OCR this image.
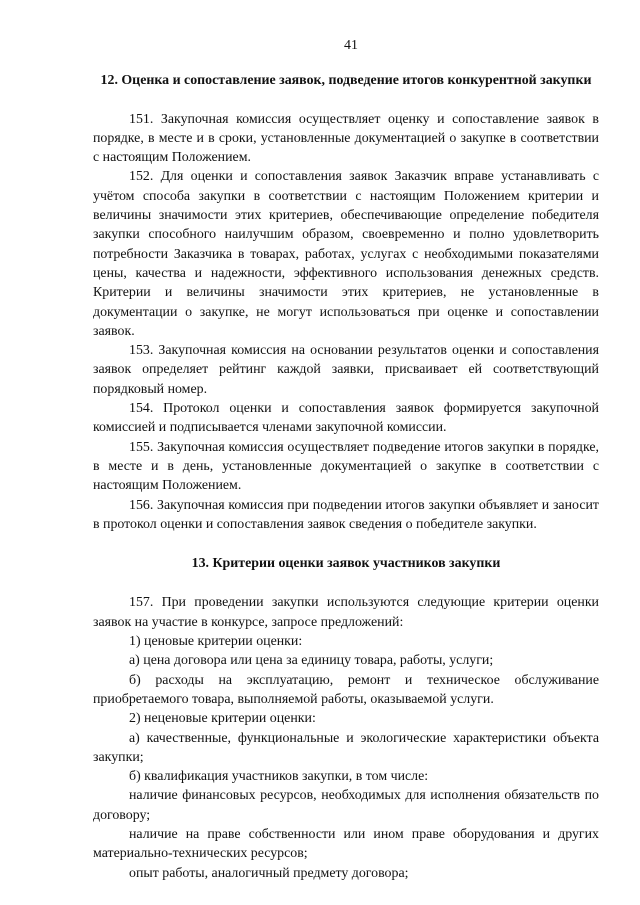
41
12. Оценка и сопоставление заявок, подведение итогов конкурентной закупки

151. Закупочная комиссия осуществляет оценку и сопоставление заявок в порядке, в месте и в сроки, установленные документацией о закупке в соответствии с настоящим Положением.

152. Для оценки и сопоставления заявок Заказчик вправе устанавливать с учётом способа закупки в соответствии с настоящим Положением критерии и величины значимости этих критериев, обеспечивающие определение победителя закупки способного наилучшим образом, своевременно и полно удовлетворить потребности Заказчика в товарах, работах, услугах с необходимыми показателями цены, качества и надежности, эффективного использования денежных средств. Критерии и величины значимости этих критериев, не установленные в документации о закупке, не могут использоваться при оценке и сопоставлении заявок.

153. Закупочная комиссия на основании результатов оценки и сопоставления заявок определяет рейтинг каждой заявки, присваивает ей соответствующий порядковый номер.

154. Протокол оценки и сопоставления заявок формируется закупочной комиссией и подписывается членами закупочной комиссии.

155. Закупочная комиссия осуществляет подведение итогов закупки в порядке, в месте и в день, установленные документацией о закупке в соответствии с настоящим Положением.

156. Закупочная комиссия при подведении итогов закупки объявляет и заносит в протокол оценки и сопоставления заявок сведения о победителе закупки.

13. Критерии оценки заявок участников закупки

157. При проведении закупки используются следующие критерии оценки заявок на участие в конкурсе, запросе предложений:

1) ценовые критерии оценки:

а) цена договора или цена за единицу товара, работы, услуги;

б) расходы на эксплуатацию, ремонт и техническое обслуживание приобретаемого товара, выполняемой работы, оказываемой услуги.

2) неценовые критерии оценки:

а) качественные, функциональные и экологические характеристики объекта закупки;

б) квалификация участников закупки, в том числе:

наличие финансовых ресурсов, необходимых для исполнения обязательств по договору;

наличие на праве собственности или ином праве оборудования и других материально-технических ресурсов;

опыт работы, аналогичный предмету договора;
